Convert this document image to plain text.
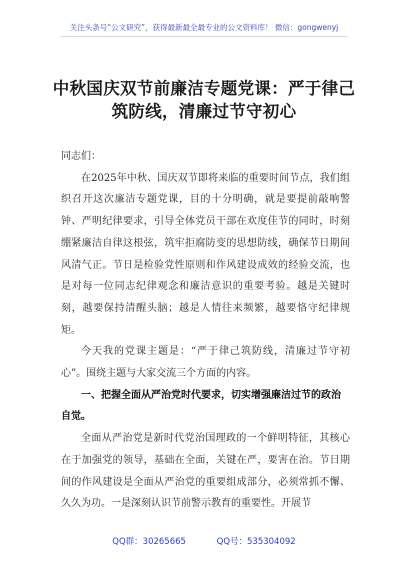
关注头条号“公文研究”，获得最新最全最专业的公文资料库！ 微信：gongwenyj
中秋国庆双节前廉洁专题党课：严于律己筑防线，清廉过节守初心

同志们：

在2025年中秋、国庆双节即将来临的重要时间节点，我们组织召开这次廉洁专题党课，目的十分明确，就是要提前敲响警钟、严明纪律要求，引导全体党员干部在欢度佳节的同时，时刻绷紧廉洁自律这根弦，筑牢拒腐防变的思想防线，确保节日期间风清气正。节日是检验党性原则和作风建设成效的经验交流，也是对每一位同志纪律观念和廉洁意识的重要考验。越是关键时刻，越要保持清醒头脑；越是人情往来频繁，越要恪守纪律规矩。

今天我的党课主题是：“严于律己筑防线，清廉过节守初心”。围绕主题与大家交流三个方面的内容。

一、把握全面从严治党时代要求，切实增强廉洁过节的政治自觉。

全面从严治党是新时代党治国理政的一个鲜明特征，其核心在于加强党的领导，基础在全面，关键在严，要害在治。节日期间的作风建设是全面从严治党的重要组成部分，必须常抓不懈、久久为功。一是深刻认识节前警示教育的重要性。开展节

QQ群：30265665	QQ号：535304092
